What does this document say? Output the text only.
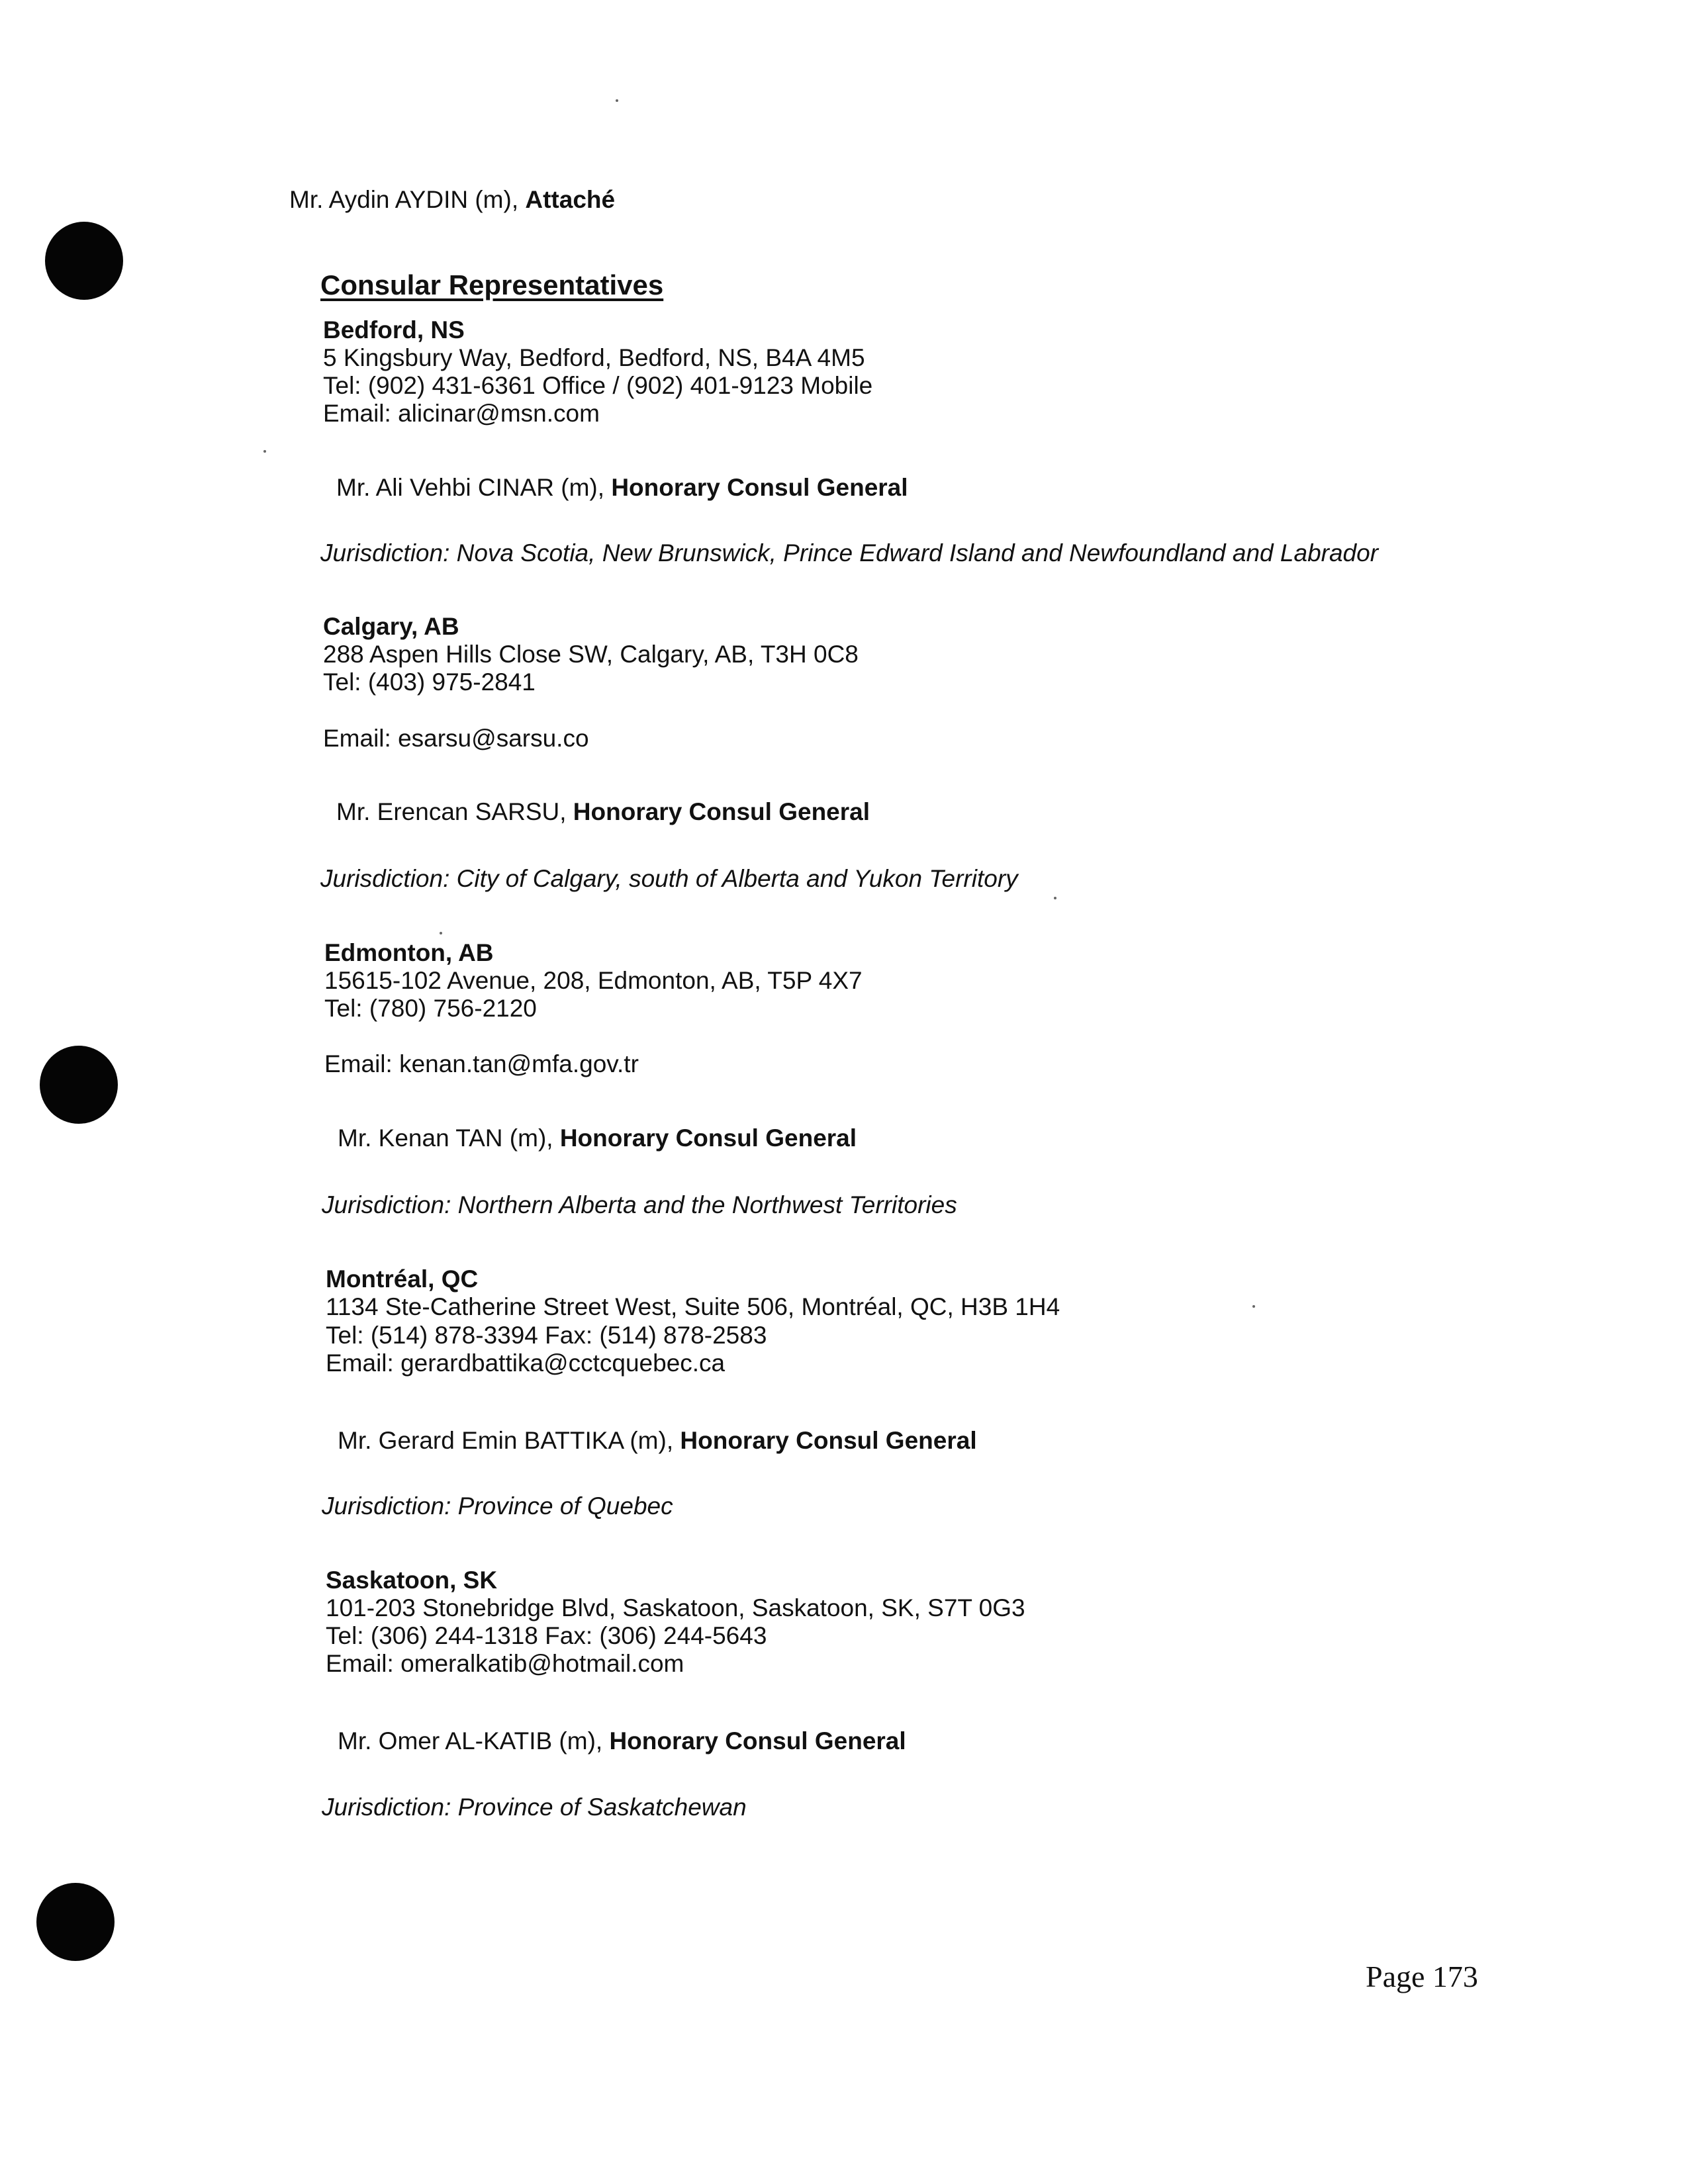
Mr. Aydin AYDIN (m), Attaché
Consular Representatives
Bedford, NS
5 Kingsbury Way, Bedford, Bedford, NS, B4A 4M5
Tel: (902) 431-6361 Office / (902) 401-9123 Mobile
Email: alicinar@msn.com
Mr. Ali Vehbi CINAR (m), Honorary Consul General
Jurisdiction: Nova Scotia, New Brunswick, Prince Edward Island and Newfoundland and Labrador
Calgary, AB
288 Aspen Hills Close SW, Calgary, AB, T3H 0C8
Tel: (403) 975-2841
Email: esarsu@sarsu.co
Mr. Erencan SARSU, Honorary Consul General
Jurisdiction: City of Calgary, south of Alberta and Yukon Territory
Edmonton, AB
15615-102 Avenue, 208, Edmonton, AB, T5P 4X7
Tel: (780) 756-2120
Email: kenan.tan@mfa.gov.tr
Mr. Kenan TAN (m), Honorary Consul General
Jurisdiction: Northern Alberta and the Northwest Territories
Montréal, QC
1134 Ste-Catherine Street West, Suite 506, Montréal, QC, H3B 1H4
Tel: (514) 878-3394 Fax: (514) 878-2583
Email: gerardbattika@cctcquebec.ca
Mr. Gerard Emin BATTIKA (m), Honorary Consul General
Jurisdiction: Province of Quebec
Saskatoon, SK
101-203 Stonebridge Blvd, Saskatoon, Saskatoon, SK, S7T 0G3
Tel: (306) 244-1318 Fax: (306) 244-5643
Email: omeralkatib@hotmail.com
Mr. Omer AL-KATIB (m), Honorary Consul General
Jurisdiction: Province of Saskatchewan
Page 173
